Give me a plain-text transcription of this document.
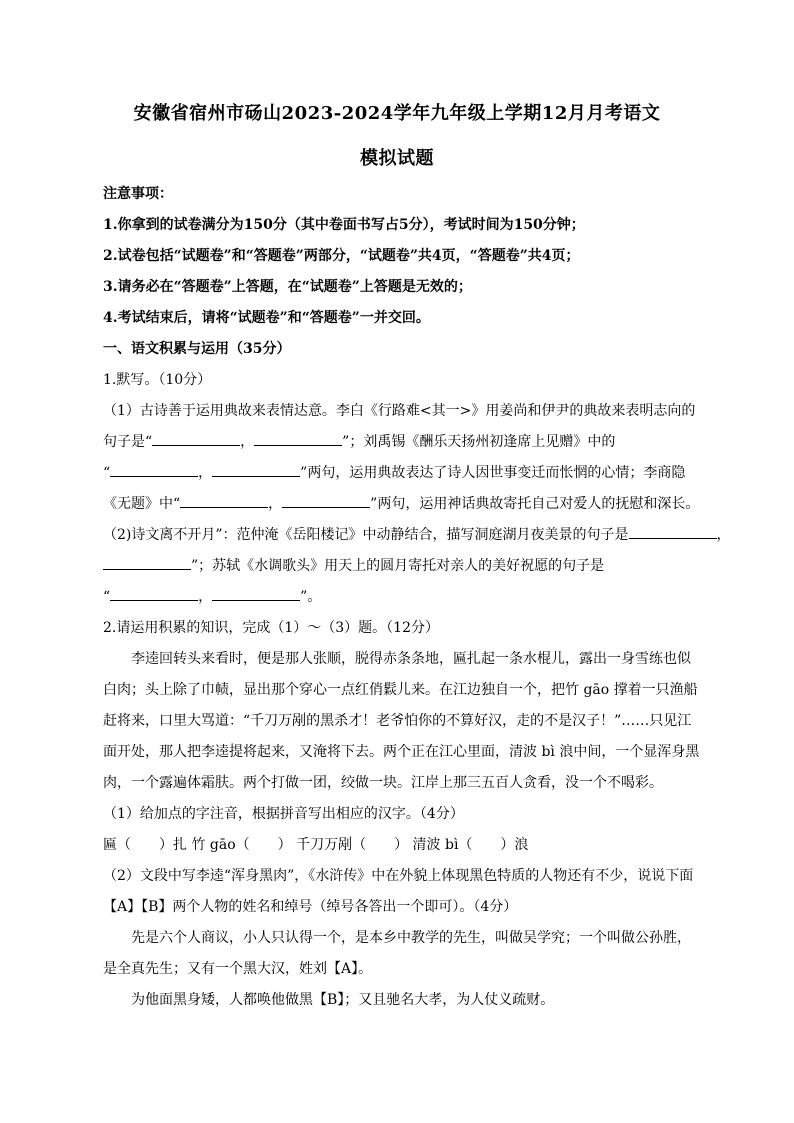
安徽省宿州市砀山2023-2024学年九年级上学期12月月考语文
模拟试题
注意事项：
1.你拿到的试卷满分为150分（其中卷面书写占5分），考试时间为150分钟；
2.试卷包括“试题卷”和“答题卷”两部分，“试题卷”共4页，“答题卷”共4页；
3.请务必在“答题卷”上答题，在“试题卷”上答题是无效的；
4.考试结束后，请将“试题卷”和“答题卷”一并交回。
一、语文积累与运用（35分）
1.默写。（10分）
（1）古诗善于运用典故来表情达意。李白《行路难<其一>》用姜尚和伊尹的典故来表明志向的
句子是“	，	”；刘禹锡《酬乐天扬州初逢席上见赠》中的
“	，	”两句，运用典故表达了诗人因世事变迁而怅惘的心情；李商隐
《无题》中“	，	”两句，运用神话典故寄托自己对爱人的抚慰和深长。
（2)诗文离不开月”：范仲淹《岳阳楼记》中动静结合，描写洞庭湖月夜美景的句子是	，
”；苏轼《水调歌头》用天上的圆月寄托对亲人的美好祝愿的句子是
“	，	”。
2.请运用积累的知识，完成（1）～（3）题。（12分）
李逵回转头来看时，便是那人张顺，脱得赤条条地，匾扎起一条水棍儿，露出一身雪练也似
白肉；头上除了巾帻，显出那个穿心一点红俏鬏儿来。在江边独自一个，把竹 gāo 撑着一只渔船
赶将来，口里大骂道：“千刀万剐的黑杀才！老爷怕你的不算好汉，走的不是汉子！”……只见江
面开处，那人把李逵提将起来，又淹将下去。两个正在江心里面，清波 bì 浪中间，一个显浑身黑
肉，一个露遍体霜肤。两个打做一团，绞做一块。江岸上那三五百人贪看，没一个不喝彩。
（1）给加点的字注音，根据拼音写出相应的汉字。（4分）
匾（　　）扎 竹 gāo（　　） 千刀万剐（　　） 清波 bì（　　）浪
（2）文段中写李逵“浑身黑肉”，《水浒传》中在外貌上体现黑色特质的人物还有不少，说说下面
【A】【B】两个人物的姓名和绰号（绰号各答出一个即可）。（4分）
先是六个人商议，小人只认得一个，是本乡中教学的先生，叫做吴学究；一个叫做公孙胜，
是全真先生；又有一个黑大汉，姓刘【A】。
为他面黑身矮，人都唤他做黑【B】；又且驰名大孝，为人仗义疏财。
